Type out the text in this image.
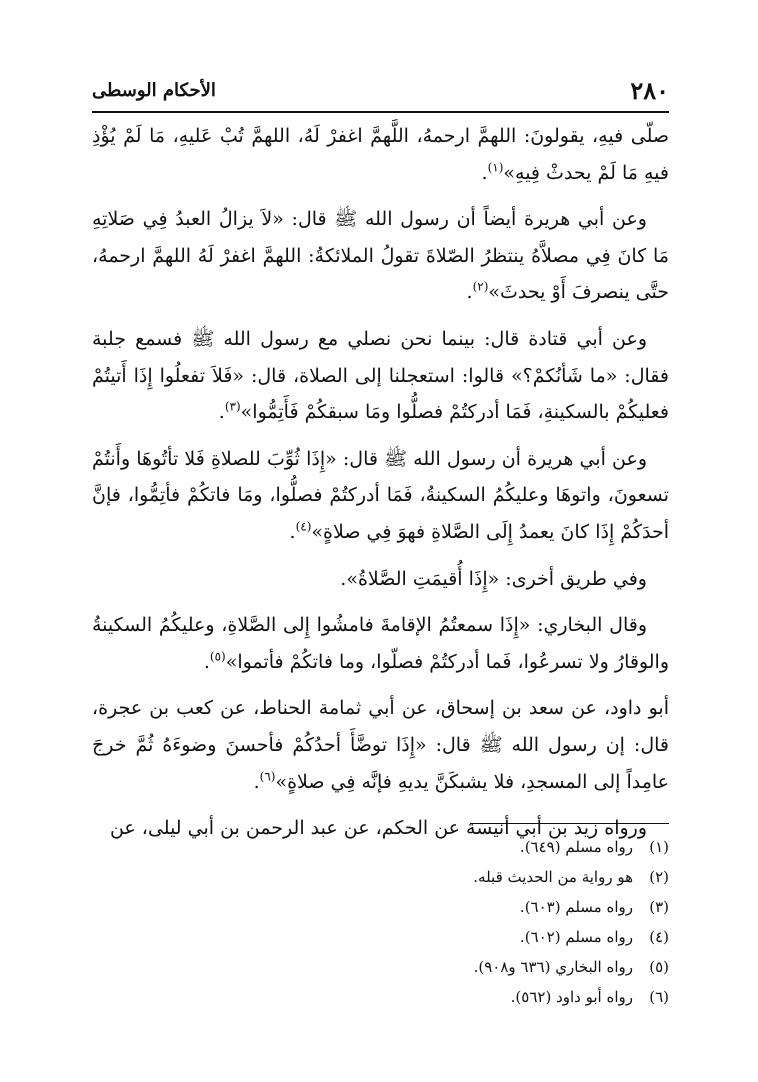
٢٨٠
الأحكام الوسطى

صلّى فيهِ، يقولونَ: اللهمَّ ارحمهُ، اللَّهمَّ اغفرْ لَهُ، اللهمَّ تُبْ عَليهِ، مَا لَمْ يُؤْذِ فيهِ مَا لَمْ يحدثْ فِيهِ»$^{(١)}$.

وعن أبي هريرة أيضاً أن رسول الله ﷺ قال: «لاَ يزالُ العبدُ فِي صَلاتِهِ مَا كانَ فِي مصلاَّهُ ينتظرُ الصّلاةَ تقولُ الملائكةُ: اللهمَّ اغفرْ لَهُ اللهمَّ ارحمهُ، حتَّى ينصرفَ أَوْ يحدثَ»$^{(٢)}$.

وعن أبي قتادة قال: بينما نحن نصلي مع رسول الله ﷺ فسمع جلبة فقال: «ما شَأنُكمْ؟» قالوا: استعجلنا إلى الصلاة، قال: «فَلاَ تفعلُوا إِذَا أَتيتُمْ فعليكُمْ بالسكينةِ، فَمَا أدركتُمْ فصلُّوا ومَا سبقكُمْ فَأَتِمُّوا»$^{(٣)}$.

وعن أبي هريرة أن رسول الله ﷺ قال: «إِذَا ثُوِّبَ للصلاةِ فَلا تأتُوهَا وأَنتُمْ تسعونَ، واتوهَا وعليكُمُ السكينةُ، فَمَا أدركتُمْ فصلُّوا، ومَا فاتكُمْ فأتِمُّوا، فإنَّ أحدَكُمْ إِذَا كانَ يعمدُ إِلَى الصَّلاةِ فهوَ فِي صلاةٍ»$^{(٤)}$.

وفي طريق أخرى: «إِذَا أُقيمَتِ الصَّلاةُ».

وقال البخاري: «إِذَا سمعتُمُ الإقامةَ فامشُوا إِلى الصَّلاةِ، وعليكُمُ السكينةُ والوقارُ ولا تسرعُوا، فَما أدركتُمْ فصلّوا، وما فاتكُمْ فأتموا»$^{(٥)}$.

أبو داود، عن سعد بن إسحاق، عن أبي ثمامة الحناط، عن كعب بن عجرة، قال: إن رسول الله ﷺ قال: «إِذَا توضَّأَ أحدُكُمْ فأحسنَ وضوءَهُ ثُمَّ خرجَ عامِداً إلى المسجدِ، فلا يشبكَنَّ يديهِ فإنَّه فِي صلاةٍ»$^{(٦)}$.

ورواه زيد بن أبي أنيسة عن الحكم، عن عبد الرحمن بن أبي ليلى، عن

(١)رواه مسلم (٦٤٩).
(٢)هو رواية من الحديث قبله.
(٣)رواه مسلم (٦٠٣).
(٤)رواه مسلم (٦٠٢).
(٥)رواه البخاري (٦٣٦ و٩٠٨).
(٦)رواه أبو داود (٥٦٢).
